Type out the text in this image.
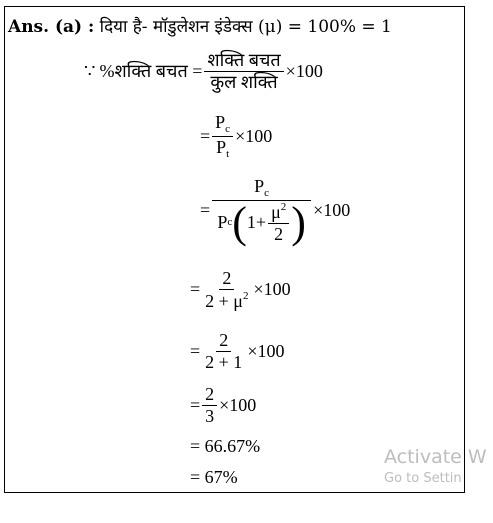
Ans. (a) : दिया है- मॉडुलेशन इंडेक्स (μ) = 100% = 1
∵ %शक्ति बचत = $\frac{\text{शक्ति बचत}}{\text{कुल शक्ति}} \times 100$
= $\frac{P_c}{P_t} \times 100$
=
$P_c$
P c ( $1+ \frac{\mu^2}{2}$ ) ×100
= $\frac{2}{2 + \mu^2} \times 100$
= $\frac{2}{2 + 1} \times 100$
= $\frac{2}{3} \times 100$
= 66.67%
= 67%
Activate W
Go to Settin
